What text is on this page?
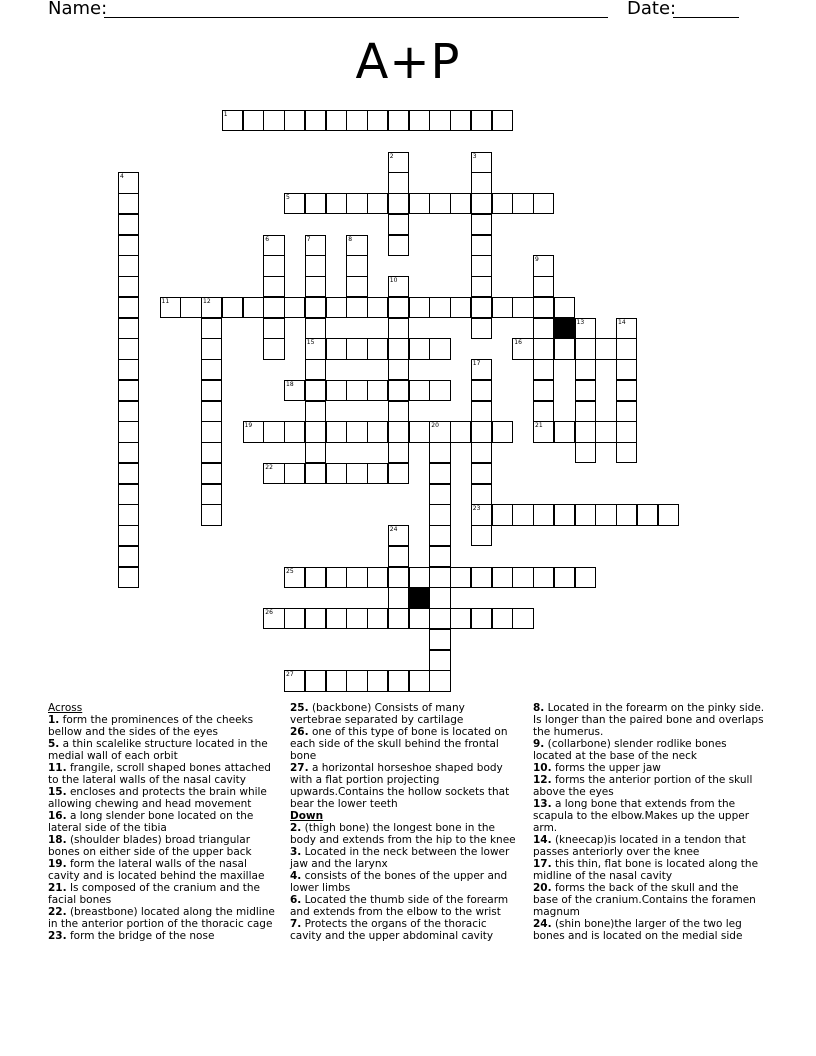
Name:	Date:
A+P
1
5
11	12
15	16
18
19	20	21
22
23
25
26
27
2	3
4
6	7	8
9
10
13	14
17
24
Across
1. form the prominences of the cheeks bellow and the sides of the eyes
5. a thin scalelike structure located in the medial wall of each orbit
11. frangile, scroll shaped bones attached to the lateral walls of the nasal cavity
15. encloses and protects the brain while allowing chewing and head movement
16. a long slender bone located on the lateral side of the tibia
18. (shoulder blades) broad triangular bones on either side of the upper back
19. form the lateral walls of the nasal cavity and is located behind the maxillae
21. Is composed of the cranium and the facial bones
22. (breastbone) located along the midline in the anterior portion of the thoracic cage
23. form the bridge of the nose
25. (backbone) Consists of many vertebrae separated by cartilage
26. one of this type of bone is located on each side of the skull behind the frontal bone
27. a horizontal horseshoe shaped body with a flat portion projecting upwards.Contains the hollow sockets that bear the lower teeth
Down
2. (thigh bone) the longest bone in the body and extends from the hip to the knee
3. Located in the neck between the lower jaw and the larynx
4. consists of the bones of the upper and lower limbs
6. Located the thumb side of the forearm and extends from the elbow to the wrist
7. Protects the organs of the thoracic cavity and the upper abdominal cavity
8. Located in the forearm on the pinky side. Is longer than the paired bone and overlaps the humerus.
9. (collarbone) slender rodlike bones located at the base of the neck
10. forms the upper jaw
12. forms the anterior portion of the skull above the eyes
13. a long bone that extends from the scapula to the elbow.Makes up the upper arm.
14. (kneecap)is located in a tendon that passes anteriorly over the knee
17. this thin, flat bone is located along the midline of the nasal cavity
20. forms the back of the skull and the base of the cranium.Contains the foramen magnum
24. (shin bone)the larger of the two leg bones and is located on the medial side
